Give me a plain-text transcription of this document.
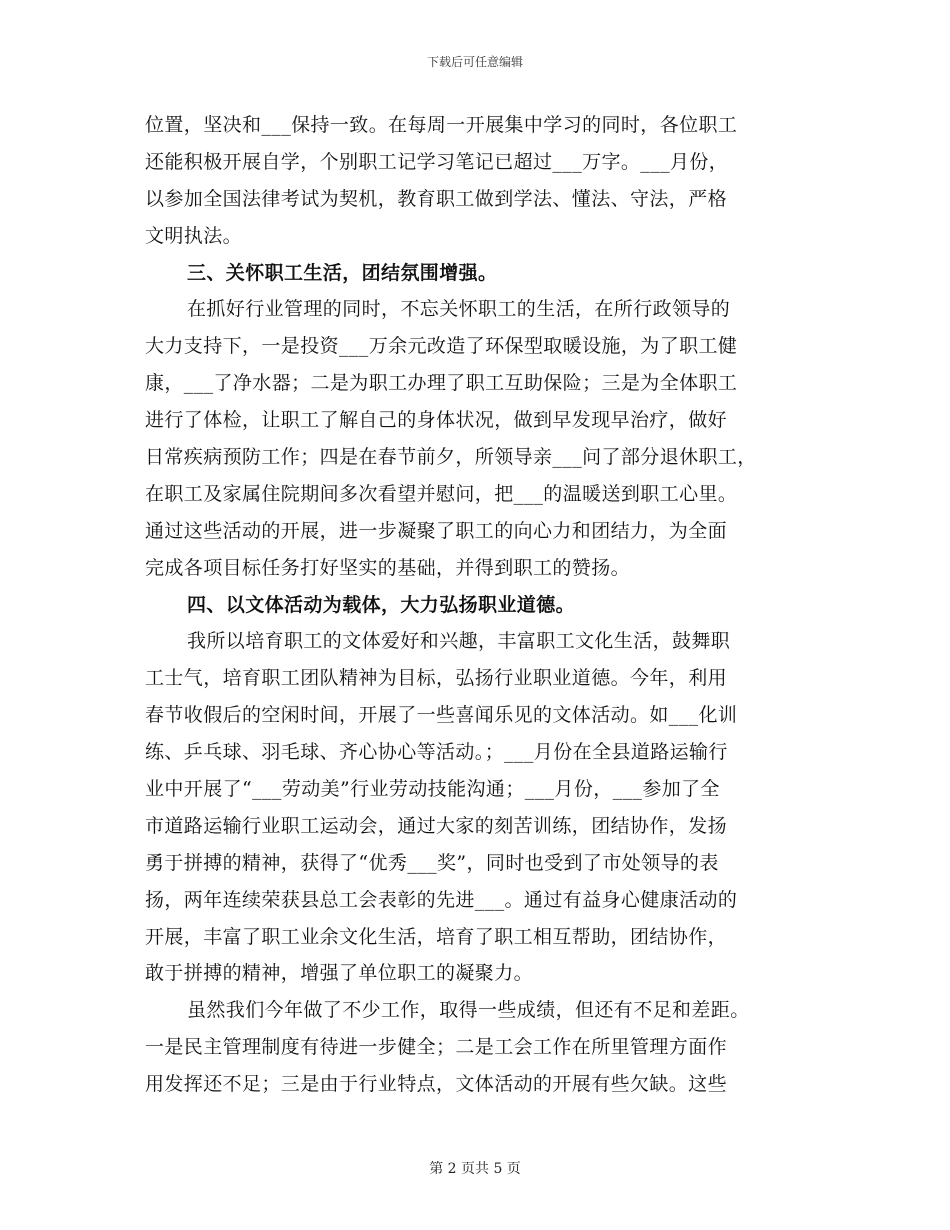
下载后可任意编辑
位置，坚决和___保持一致。在每周一开展集中学习的同时，各位职工
还能积极开展自学，个别职工记学习笔记已超过___万字。___月份，
以参加全国法律考试为契机，教育职工做到学法、懂法、守法，严格
文明执法。
三、关怀职工生活，团结氛围增强。
在抓好行业管理的同时，不忘关怀职工的生活，在所行政领导的
大力支持下，一是投资___万余元改造了环保型取暖设施，为了职工健
康，___了净水器；二是为职工办理了职工互助保险；三是为全体职工
进行了体检，让职工了解自己的身体状况，做到早发现早治疗，做好
日常疾病预防工作；四是在春节前夕，所领导亲___问了部分退休职工，
在职工及家属住院期间多次看望并慰问，把___的温暖送到职工心里。
通过这些活动的开展，进一步凝聚了职工的向心力和团结力，为全面
完成各项目标任务打好坚实的基础，并得到职工的赞扬。
四、以文体活动为载体，大力弘扬职业道德。
我所以培育职工的文体爱好和兴趣，丰富职工文化生活，鼓舞职
工士气，培育职工团队精神为目标，弘扬行业职业道德。今年，利用
春节收假后的空闲时间，开展了一些喜闻乐见的文体活动。如___化训
练、乒乓球、羽毛球、齐心协心等活动。；___月份在全县道路运输行
业中开展了“___劳动美”行业劳动技能沟通；___月份，___参加了全
市道路运输行业职工运动会，通过大家的刻苦训练，团结协作，发扬
勇于拼搏的精神，获得了“优秀___奖”，同时也受到了市处领导的表
扬，两年连续荣获县总工会表彰的先进___。通过有益身心健康活动的
开展，丰富了职工业余文化生活，培育了职工相互帮助，团结协作，
敢于拼搏的精神，增强了单位职工的凝聚力。
虽然我们今年做了不少工作，取得一些成绩，但还有不足和差距。
一是民主管理制度有待进一步健全；二是工会工作在所里管理方面作
用发挥还不足；三是由于行业特点，文体活动的开展有些欠缺。这些
第 2 页共 5 页
